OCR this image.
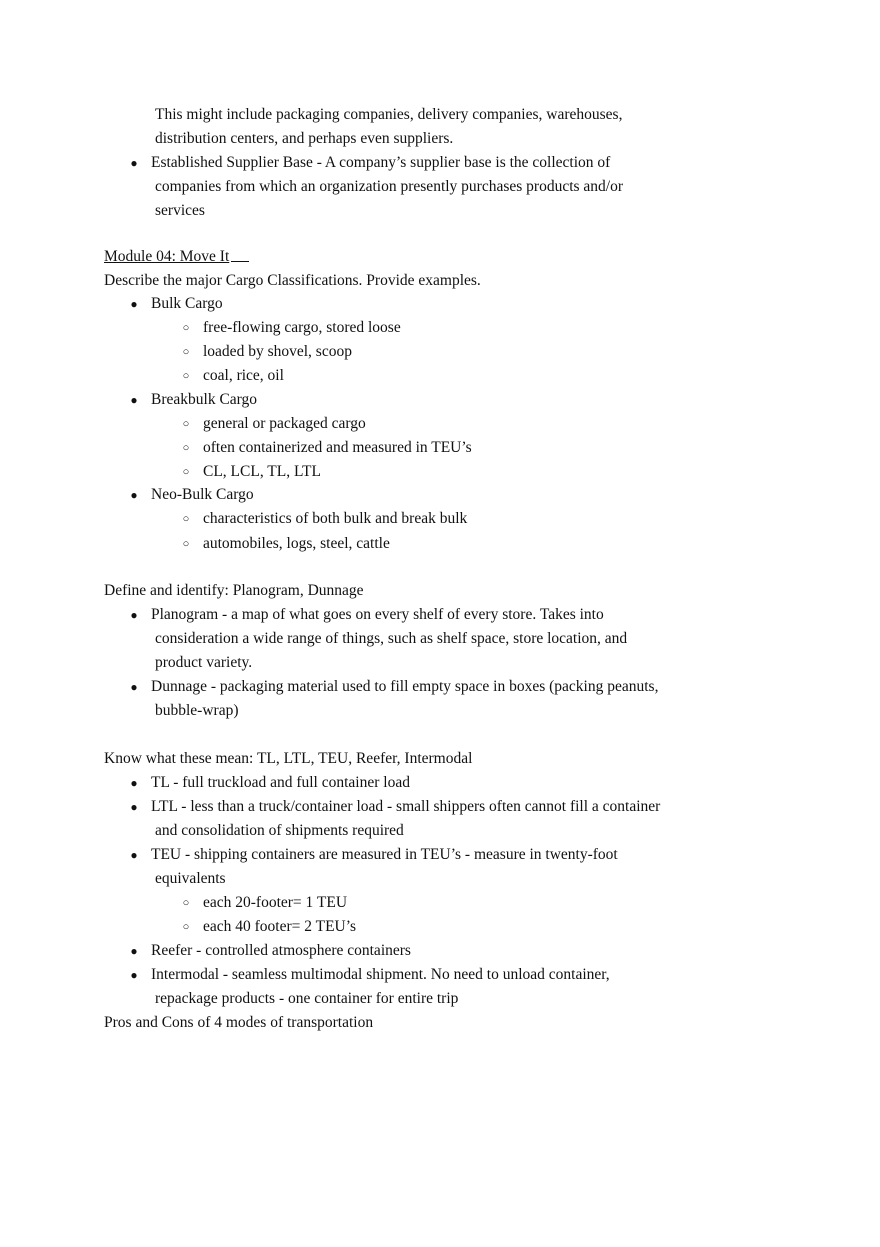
This might include packaging companies, delivery companies, warehouses,
distribution centers, and perhaps even suppliers.
●
Established Supplier Base - A company’s supplier base is the collection of
companies from which an organization presently purchases products and/or
services
Module 04: Move It
Describe the major Cargo Classifications. Provide examples.
●
Bulk Cargo
○
free-flowing cargo, stored loose
○
loaded by shovel, scoop
○
coal, rice, oil
●
Breakbulk Cargo
○
general or packaged cargo
○
often containerized and measured in TEU’s
○
CL, LCL, TL, LTL
●
Neo-Bulk Cargo
○
characteristics of both bulk and break bulk
○
automobiles, logs, steel, cattle
Define and identify: Planogram, Dunnage
●
Planogram - a map of what goes on every shelf of every store. Takes into
consideration a wide range of things, such as shelf space, store location, and
product variety.
●
Dunnage - packaging material used to fill empty space in boxes (packing peanuts,
bubble-wrap)
Know what these mean: TL, LTL, TEU, Reefer, Intermodal
●
TL - full truckload and full container load
●
LTL - less than a truck/container load - small shippers often cannot fill a container
and consolidation of shipments required
●
TEU - shipping containers are measured in TEU’s - measure in twenty-foot
equivalents
○
each 20-footer= 1 TEU
○
each 40 footer= 2 TEU’s
●
Reefer - controlled atmosphere containers
●
Intermodal - seamless multimodal shipment. No need to unload container,
repackage products - one container for entire trip
Pros and Cons of 4 modes of transportation
